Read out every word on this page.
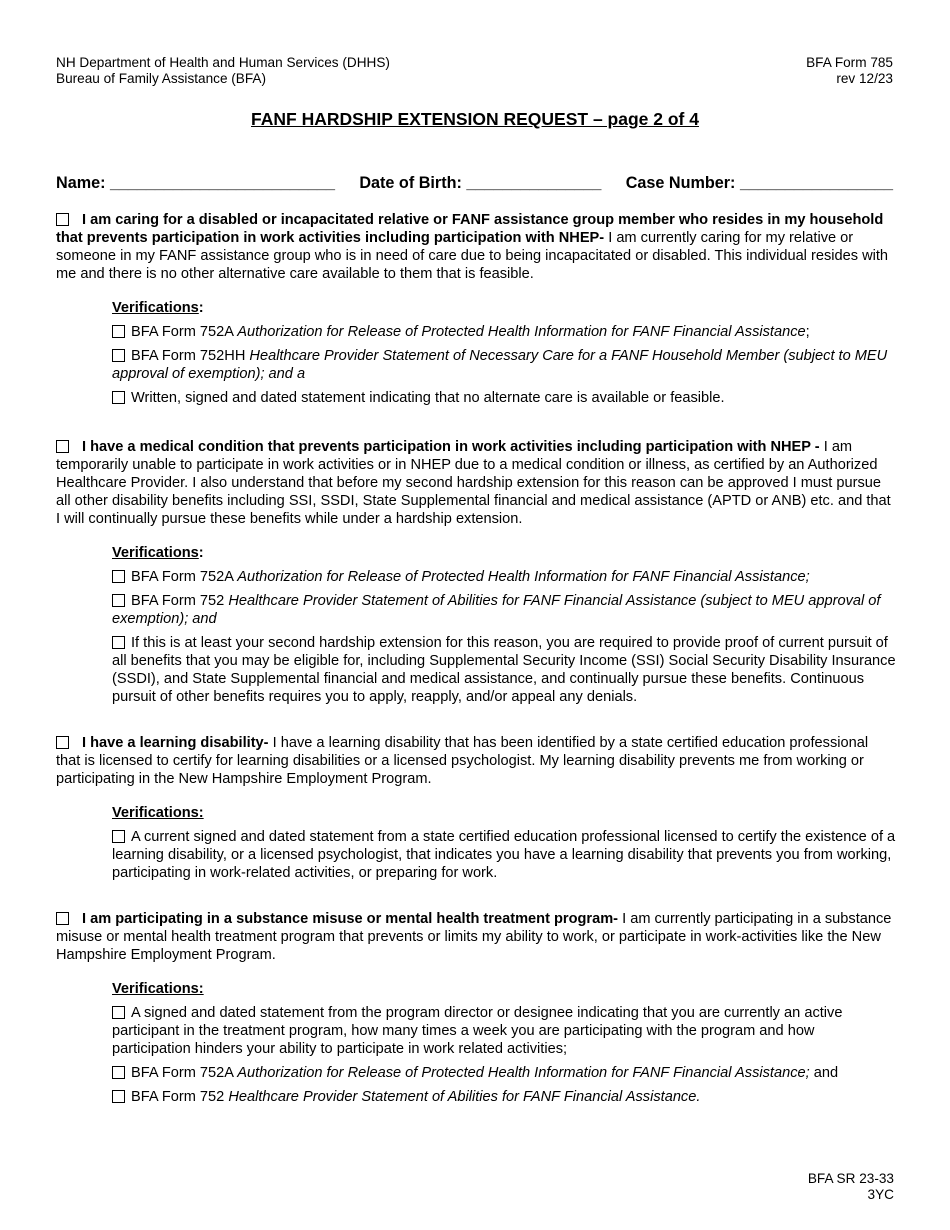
NH Department of Health and Human Services (DHHS)
Bureau of Family Assistance (BFA)
BFA Form 785
rev 12/23
FANF HARDSHIP EXTENSION REQUEST – page 2 of 4
Name: _________________________ Date of Birth: _______________ Case Number: _________________
I am caring for a disabled or incapacitated relative or FANF assistance group member who resides in my household that prevents participation in work activities including participation with NHEP- I am currently caring for my relative or someone in my FANF assistance group who is in need of care due to being incapacitated or disabled. This individual resides with me and there is no other alternative care available to them that is feasible.
Verifications:
BFA Form 752A Authorization for Release of Protected Health Information for FANF Financial Assistance;
BFA Form 752HH Healthcare Provider Statement of Necessary Care for a FANF Household Member (subject to MEU approval of exemption); and a
Written, signed and dated statement indicating that no alternate care is available or feasible.
I have a medical condition that prevents participation in work activities including participation with NHEP - I am temporarily unable to participate in work activities or in NHEP due to a medical condition or illness, as certified by an Authorized Healthcare Provider. I also understand that before my second hardship extension for this reason can be approved I must pursue all other disability benefits including SSI, SSDI, State Supplemental financial and medical assistance (APTD or ANB) etc. and that I will continually pursue these benefits while under a hardship extension.
Verifications:
BFA Form 752A Authorization for Release of Protected Health Information for FANF Financial Assistance;
BFA Form 752 Healthcare Provider Statement of Abilities for FANF Financial Assistance (subject to MEU approval of exemption); and
If this is at least your second hardship extension for this reason, you are required to provide proof of current pursuit of all benefits that you may be eligible for, including Supplemental Security Income (SSI) Social Security Disability Insurance (SSDI), and State Supplemental financial and medical assistance, and continually pursue these benefits. Continuous pursuit of other benefits requires you to apply, reapply, and/or appeal any denials.
I have a learning disability- I have a learning disability that has been identified by a state certified education professional that is licensed to certify for learning disabilities or a licensed psychologist. My learning disability prevents me from working or participating in the New Hampshire Employment Program.
Verifications:
A current signed and dated statement from a state certified education professional licensed to certify the existence of a learning disability, or a licensed psychologist, that indicates you have a learning disability that prevents you from working, participating in work-related activities, or preparing for work.
I am participating in a substance misuse or mental health treatment program- I am currently participating in a substance misuse or mental health treatment program that prevents or limits my ability to work, or participate in work-activities like the New Hampshire Employment Program.
Verifications:
A signed and dated statement from the program director or designee indicating that you are currently an active participant in the treatment program, how many times a week you are participating with the program and how participation hinders your ability to participate in work related activities;
BFA Form 752A Authorization for Release of Protected Health Information for FANF Financial Assistance; and
BFA Form 752 Healthcare Provider Statement of Abilities for FANF Financial Assistance.
BFA SR 23-33
3YC
